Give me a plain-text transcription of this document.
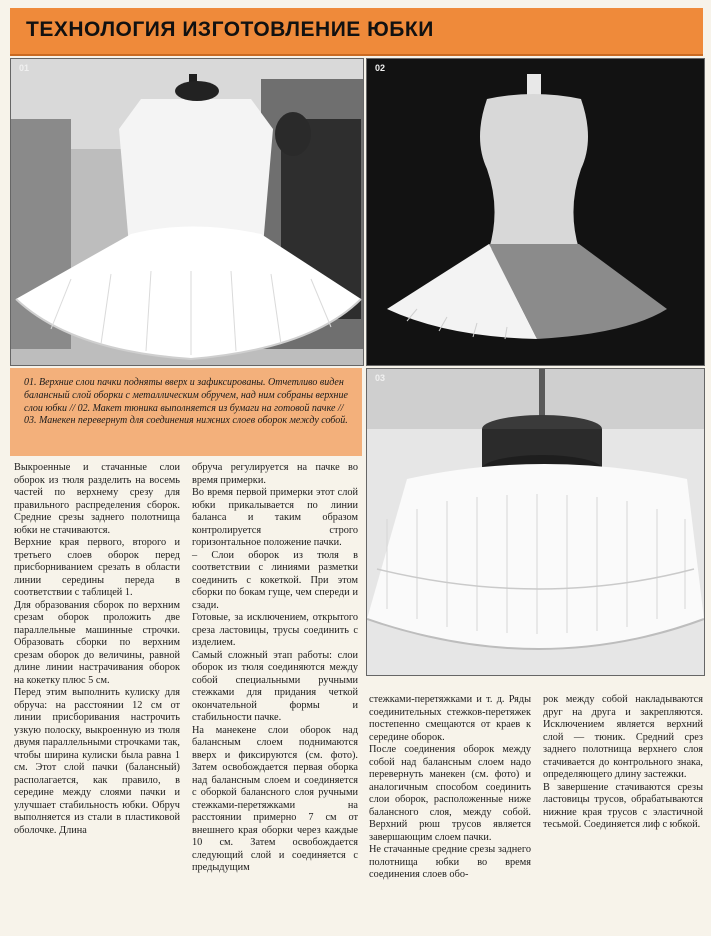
ТЕХНОЛОГИЯ ИЗГОТОВЛЕНИЕ ЮБКИ
01	02
03

01. Верхние слои пачки подняты вверх и зафиксированы. Отчетливо виден балансный слой оборки с металлическим обручем, над ним собраны верхние слои юбки // 02. Макет тюника выполняется из бумаги на готовой пачке // 03. Манекен перевернут для соединения нижних слоев оборок между собой.

Выкроенные и стачанные слои оборок из тюля разделить на восемь частей по верхнему срезу для правильного распределения сборок. Средние срезы заднего полотнища юбки не стачиваются.

Верхние края первого, второго и третьего слоев оборок перед присборниванием срезать в области линии середины переда в соответствии с таблицей 1.

Для образования сборок по верхним срезам оборок проложить две параллельные машинные строчки. Образовать сборки по верхним срезам оборок до величины, равной длине линии настрачивания оборок на кокетку плюс 5 см.

Перед этим выполнить кулиску для обруча: на расстоянии 12 см от линии присборивания настрочить узкую полоску, выкроенную из тюля двумя параллельными строчками так, чтобы ширина кулиски была равна 1 см. Этот слой пачки (балансный) располагается, как правило, в середине между слоями пачки и улучшает стабильность юбки. Обруч выполняется из стали в пластиковой оболочке. Длина

обруча регулируется на пачке во время примерки.

Во время первой примерки этот слой юбки прикалывается по линии баланса и таким образом контролируется строго горизонтальное положение пачки.

– Слои оборок из тюля в соответствии с линиями разметки соединить с кокеткой. При этом сборки по бокам гуще, чем спереди и сзади.

Готовые, за исключением, открытого среза ластовицы, трусы соединить с изделием.

Самый сложный этап работы: слои оборок из тюля соединяются между собой специальными ручными стежками для придания четкой окончательной формы и стабильности пачке.

На манекене слои оборок над балансным слоем поднимаются вверх и фиксируются (см. фото). Затем освобождается первая оборка над балансным слоем и соединяется с оборкой балансного слоя ручными стежками-перетяжками на расстоянии примерно 7 см от внешнего края оборки через каждые 10 см. Затем освобождается следующий слой и соединяется с предыдущим

стежками-перетяжками и т. д. Ряды соединительных стежков-перетяжек постепенно смещаются от краев к середине оборок.

После соединения оборок между собой над балансным слоем надо перевернуть манекен (см. фото) и аналогичным способом соединить слои оборок, расположенные ниже балансного слоя, между собой. Верхний рюш трусов является завершающим слоем пачки.

Не стачанные средние срезы заднего полотнища юбки во время соединения слоев обо-

рок между собой накладываются друг на друга и закрепляются. Исключением является верхний слой — тюник. Средний срез заднего полотнища верхнего слоя стачивается до контрольного знака, определяющего длину застежки.

В завершение стачиваются срезы ластовицы трусов, обрабатываются нижние края трусов с эластичной тесьмой. Соединяется лиф с юбкой.
